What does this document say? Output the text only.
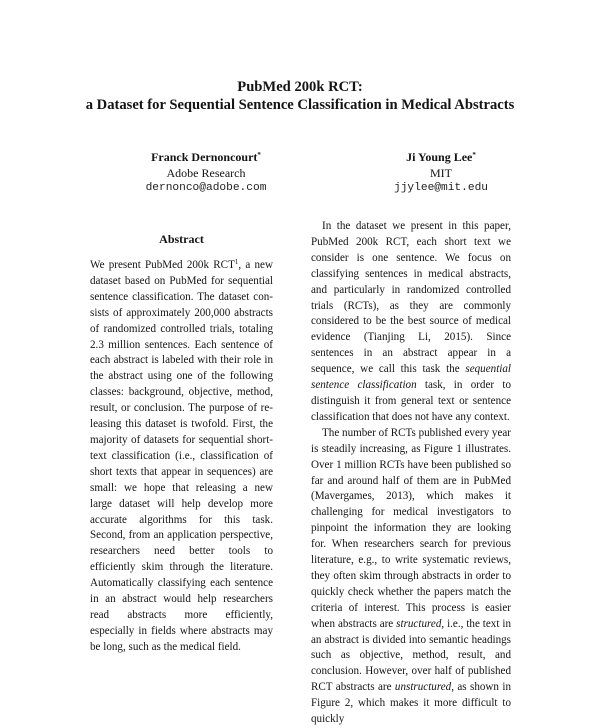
PubMed 200k RCT:
a Dataset for Sequential Sentence Classification in Medical Abstracts
Franck Dernoncourt*
Adobe Research
dernonco@adobe.com
Ji Young Lee*
MIT
jjylee@mit.edu
Abstract

We present PubMed 200k RCT$^1$, a new dataset based on PubMed for sequential sentence classification. The dataset consists of approximately 200,000 abstracts of randomized controlled trials, totaling 2.3 million sentences. Each sentence of each abstract is labeled with their role in the abstract using one of the following classes: background, objective, method, result, or conclusion. The purpose of releasing this dataset is twofold. First, the majority of datasets for sequential short-text classification (i.e., classification of short texts that appear in sequences) are small: we hope that releasing a new large dataset will help develop more accurate algorithms for this task. Second, from an application perspective, researchers need better tools to efficiently skim through the literature. Automatically classifying each sentence in an abstract would help researchers read abstracts more efficiently, especially in fields where abstracts may be long, such as the medical field.

In the dataset we present in this paper, PubMed 200k RCT, each short text we consider is one sentence. We focus on classifying sentences in medical abstracts, and particularly in randomized controlled trials (RCTs), as they are commonly considered to be the best source of medical evidence (Tianjing Li, 2015). Since sentences in an abstract appear in a sequence, we call this task the sequential sentence classification task, in order to distinguish it from general text or sentence classification that does not have any context.

The number of RCTs published every year is steadily increasing, as Figure 1 illustrates. Over 1 million RCTs have been published so far and around half of them are in PubMed (Mavergames, 2013), which makes it challenging for medical investigators to pinpoint the information they are looking for. When researchers search for previous literature, e.g., to write systematic reviews, they often skim through abstracts in order to quickly check whether the papers match the criteria of interest. This process is easier when abstracts are structured, i.e., the text in an abstract is divided into semantic headings such as objective, method, result, and conclusion. However, over half of published RCT abstracts are unstructured, as shown in Figure 2, which makes it more difficult to quickly
